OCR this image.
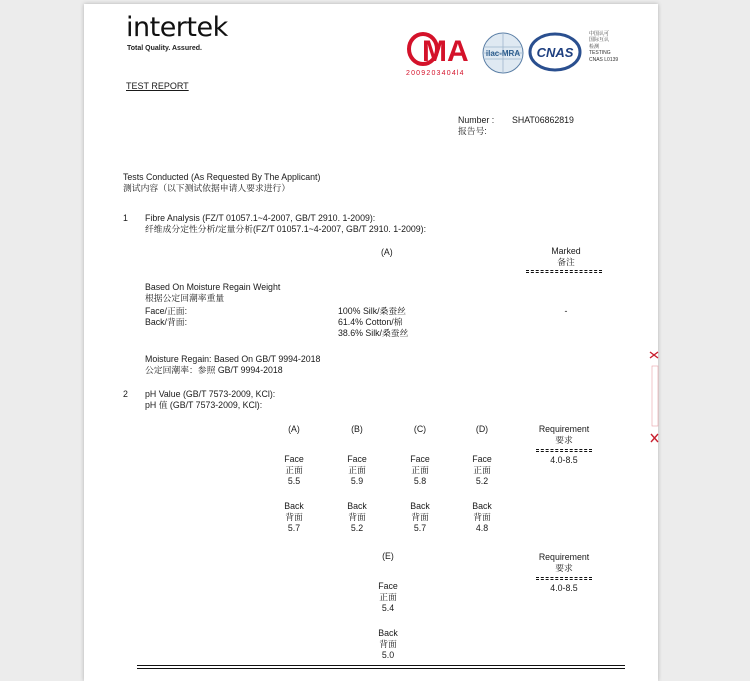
intertek
Total Quality. Assured.	MA
2009203404l4
ilac-MRA CNAS
中国认可
国际互认
检测
TESTING
CNAS L0139
TEST REPORT
Number :
报告号:
SHAT06862819
Tests Conducted (As Requested By The Applicant)
测试内容（以下测试依据申请人要求进行）
1 Fibre Analysis (FZ/T 01057.1~4-2007, GB/T 2910. 1-2009):
纤维成分定性分析/定量分析(FZ/T 01057.1~4-2007, GB/T 2910. 1-2009):
(A)	Marked
备注
Based On Moisture Regain Weight
根据公定回潮率重量
Face/正面:
Back/背面:
100% Silk/桑蚕丝
61.4% Cotton/棉
38.6% Silk/桑蚕丝
-
Moisture Regain: Based On GB/T 9994-2018
公定回潮率：参照 GB/T 9994-2018
2 pH Value (GB/T 7573-2009, KCl):
pH 值 (GB/T 7573-2009, KCl):
(A)
Face
正面
5.5
Back
背面
5.7
(B)
Face
正面
5.9
Back
背面
5.2
(C)
Face
正面
5.8
Back
背面
5.7
(D)
Face
正面
5.2
Back
背面
4.8
Requirement
要求
4.0-8.5
(E)
Face
正面
5.4
Back
背面
5.0
Requirement
要求
4.0-8.5
